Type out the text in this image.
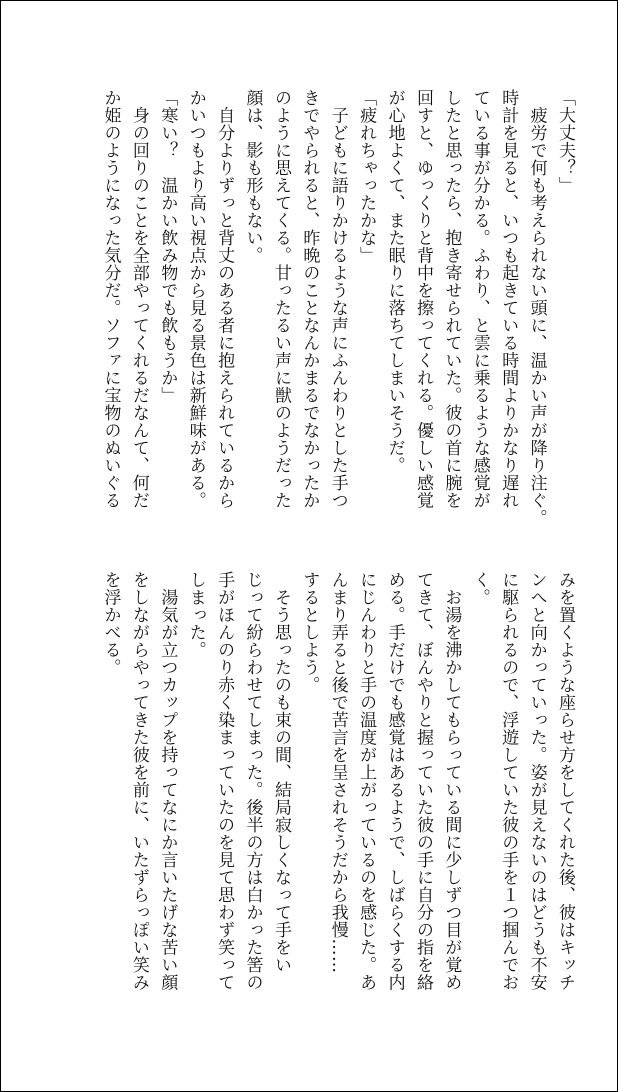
「大丈夫？」
　疲労で何も考えられない頭に、温かい声が降り注ぐ。
時計を見ると、いつも起きている時間よりかなり遅れ
ている事が分かる。ふわり、と雲に乗るような感覚が
したと思ったら、抱き寄せられていた。彼の首に腕を
回すと、ゆっくりと背中を擦ってくれる。優しい感覚
が心地よくて、また眠りに落ちてしまいそうだ。
「疲れちゃったかな」
　子どもに語りかけるような声にふんわりとした手つ
きでやられると、昨晩のことなんかまるでなかったか
のように思えてくる。甘ったるい声に獣のようだった
顔は、影も形もない。
　自分よりずっと背丈のある者に抱えられているから
かいつもより高い視点から見る景色は新鮮味がある。
「寒い？　温かい飲み物でも飲もうか」
　身の回りのことを全部やってくれるだなんて、何だ
か姫のようになった気分だ。ソファに宝物のぬいぐる
みを置くような座らせ方をしてくれた後、彼はキッチ
ンへと向かっていった。姿が見えないのはどうも不安
に駆られるので、浮遊していた彼の手を１つ掴んでお
く。
　お湯を沸かしてもらっている間に少しずつ目が覚め
てきて、ぼんやりと握っていた彼の手に自分の指を絡
める。手だけでも感覚はあるようで、しばらくする内
にじんわりと手の温度が上がっているのを感じた。あ
んまり弄ると後で苦言を呈されそうだから我慢……
するとしよう。
　そう思ったのも束の間、結局寂しくなって手をい
じって紛らわせてしまった。後半の方は白かった筈の
手がほんのり赤く染まっていたのを見て思わず笑って
しまった。
　湯気が立つカップを持ってなにか言いたげな苦い顔
をしながらやってきた彼を前に、いたずらっぽい笑み
を浮かべる。
